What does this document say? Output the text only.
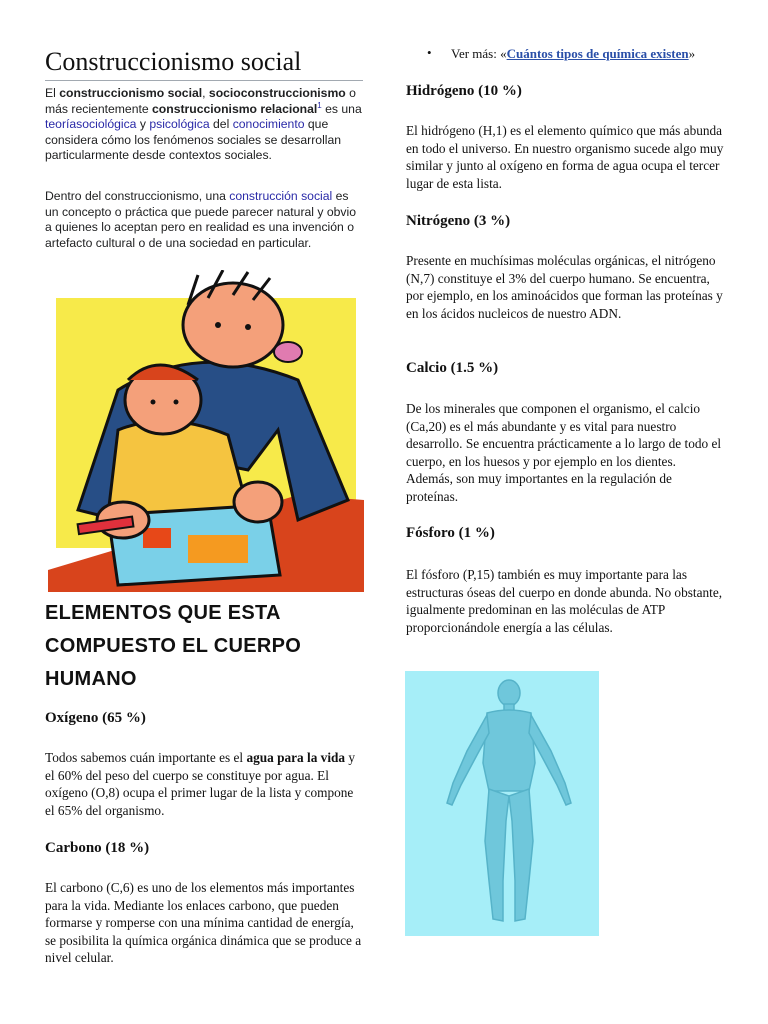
Construccionismo social
El construccionismo social, socioconstruccionismo o más recientemente construccionismo relacional$^1$ es una teoríasociológica y psicológica del conocimiento que considera cómo los fenómenos sociales se desarrollan particularmente desde contextos sociales.
Dentro del construccionismo, una construcción social es un concepto o práctica que puede parecer natural y obvio a quienes lo aceptan pero en realidad es una invención o artefacto cultural o de una sociedad en particular.
ELEMENTOS QUE ESTA
COMPUESTO EL CUERPO
HUMANO
Oxígeno (65 %)
Todos sabemos cuán importante es el agua para la vida y el 60% del peso del cuerpo se constituye por agua. El oxígeno (O,8) ocupa el primer lugar de la lista y compone el 65% del organismo.
Carbono (18 %)
El carbono (C,6) es uno de los elementos más importantes para la vida. Mediante los enlaces carbono, que pueden formarse y romperse con una mínima cantidad de energía, se posibilita la química orgánica dinámica que se produce a nivel celular.
• Ver más: «Cuántos tipos de química existen»
Hidrógeno (10 %)
El hidrógeno (H,1) es el elemento químico que más abunda en todo el universo. En nuestro organismo sucede algo muy similar y junto al oxígeno en forma de agua ocupa el tercer lugar de esta lista.
Nitrógeno (3 %)
Presente en muchísimas moléculas orgánicas, el nitrógeno (N,7) constituye el 3% del cuerpo humano. Se encuentra, por ejemplo, en los aminoácidos que forman las proteínas y en los ácidos nucleicos de nuestro ADN.
Calcio (1.5 %)
De los minerales que componen el organismo, el calcio (Ca,20) es el más abundante y es vital para nuestro desarrollo. Se encuentra prácticamente a lo largo de todo el cuerpo, en los huesos y por ejemplo en los dientes. Además, son muy importantes en la regulación de proteínas.
Fósforo (1 %)
El fósforo (P,15) también es muy importante para las estructuras óseas del cuerpo en donde abunda. No obstante, igualmente predominan en las moléculas de ATP proporcionándole energía a las células.
